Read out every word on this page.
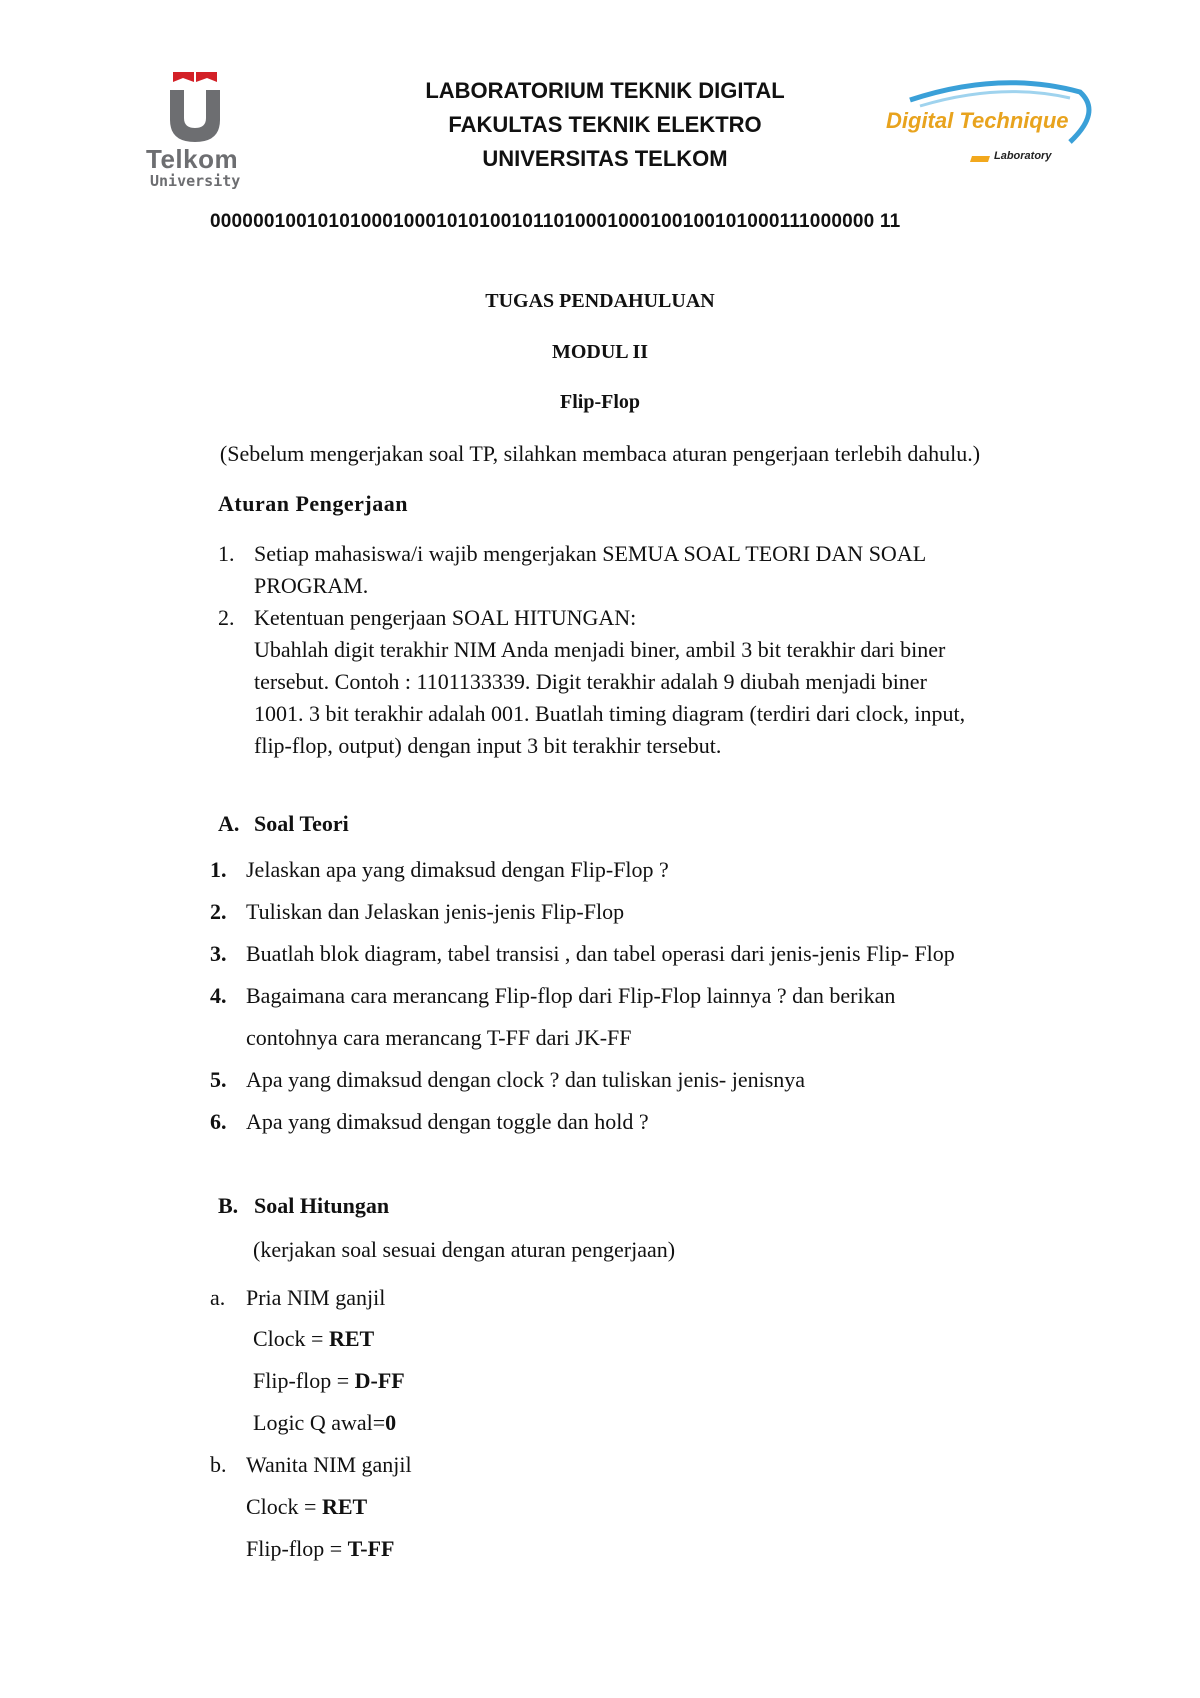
Telkom
University
LABORATORIUM TEKNIK DIGITAL
FAKULTAS TEKNIK ELEKTRO
UNIVERSITAS TELKOM
Digital Technique
Laboratory
00000010010101000100010101001011010001000100100101000111000000 11
TUGAS PENDAHULUAN
MODUL II
Flip-Flop
(Sebelum mengerjakan soal TP, silahkan membaca aturan pengerjaan terlebih dahulu.)
Aturan Pengerjaan
1. Setiap mahasiswa/i wajib mengerjakan SEMUA SOAL TEORI DAN SOAL
PROGRAM.
2. Ketentuan pengerjaan SOAL HITUNGAN:
Ubahlah digit terakhir NIM Anda menjadi biner, ambil 3 bit terakhir dari biner
tersebut. Contoh : 1101133339. Digit terakhir adalah 9 diubah menjadi biner
1001. 3 bit terakhir adalah 001. Buatlah timing diagram (terdiri dari clock, input,
flip-flop, output) dengan input 3 bit terakhir tersebut.
A. Soal Teori
1. Jelaskan apa yang dimaksud dengan Flip-Flop ?
2. Tuliskan dan Jelaskan jenis-jenis Flip-Flop
3. Buatlah blok diagram, tabel transisi , dan tabel operasi dari jenis-jenis Flip- Flop
4. Bagaimana cara merancang Flip-flop dari Flip-Flop lainnya ? dan berikan
contohnya cara merancang T-FF dari JK-FF
5. Apa yang dimaksud dengan clock ? dan tuliskan jenis- jenisnya
6. Apa yang dimaksud dengan toggle dan hold ?
B. Soal Hitungan
(kerjakan soal sesuai dengan aturan pengerjaan)
a. Pria NIM ganjil
Clock = RET
Flip-flop = D-FF
Logic Q awal=0
b. Wanita NIM ganjil
Clock = RET
Flip-flop = T-FF
